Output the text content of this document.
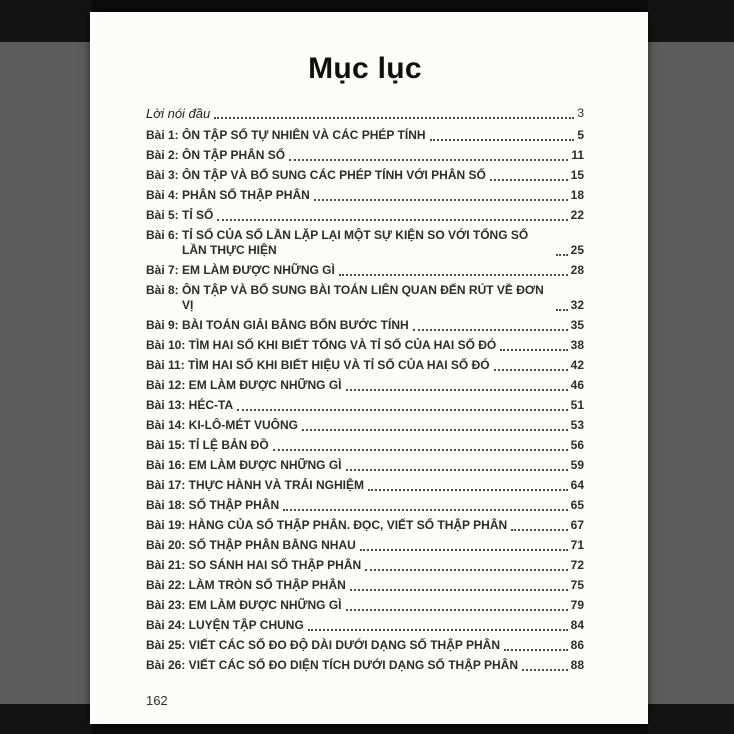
Mục lục
Lời nói đầu	3
Bài 1: ÔN TẬP SỐ TỰ NHIÊN VÀ CÁC PHÉP TÍNH	5
Bài 2: ÔN TẬP PHÂN SỐ	11
Bài 3: ÔN TẬP VÀ BỔ SUNG CÁC PHÉP TÍNH VỚI PHÂN SỐ	15
Bài 4: PHÂN SỐ THẬP PHÂN	18
Bài 5: TỈ SỐ	22
Bài 6: TỈ SỐ CỦA SỐ LẦN LẶP LẠI MỘT SỰ KIỆN SO VỚI TỔNG SỐ LẦN THỰC HIỆN	25
Bài 7: EM LÀM ĐƯỢC NHỮNG GÌ	28
Bài 8: ÔN TẬP VÀ BỔ SUNG BÀI TOÁN LIÊN QUAN ĐẾN RÚT VỀ ĐƠN VỊ	32
Bài 9: BÀI TOÁN GIẢI BẰNG BỐN BƯỚC TÍNH	35
Bài 10: TÌM HAI SỐ KHI BIẾT TỔNG VÀ TỈ SỐ CỦA HAI SỐ ĐÓ	38
Bài 11: TÌM HAI SỐ KHI BIẾT HIỆU VÀ TỈ SỐ CỦA HAI SỐ ĐÓ	42
Bài 12: EM LÀM ĐƯỢC NHỮNG GÌ	46
Bài 13: HÉC-TA	51
Bài 14: KI-LÔ-MÉT VUÔNG	53
Bài 15: TỈ LỆ BẢN ĐỒ	56
Bài 16: EM LÀM ĐƯỢC NHỮNG GÌ	59
Bài 17: THỰC HÀNH VÀ TRẢI NGHIỆM	64
Bài 18: SỐ THẬP PHÂN	65
Bài 19: HÀNG CỦA SỐ THẬP PHÂN. ĐỌC, VIẾT SỐ THẬP PHÂN	67
Bài 20: SỐ THẬP PHÂN BẰNG NHAU	71
Bài 21: SO SÁNH HAI SỐ THẬP PHÂN	72
Bài 22: LÀM TRÒN SỐ THẬP PHÂN	75
Bài 23: EM LÀM ĐƯỢC NHỮNG GÌ	79
Bài 24: LUYỆN TẬP CHUNG	84
Bài 25: VIẾT CÁC SỐ ĐO ĐỘ DÀI DƯỚI DẠNG SỐ THẬP PHÂN	86
Bài 26: VIẾT CÁC SỐ ĐO DIỆN TÍCH DƯỚI DẠNG SỐ THẬP PHÂN	88
162
